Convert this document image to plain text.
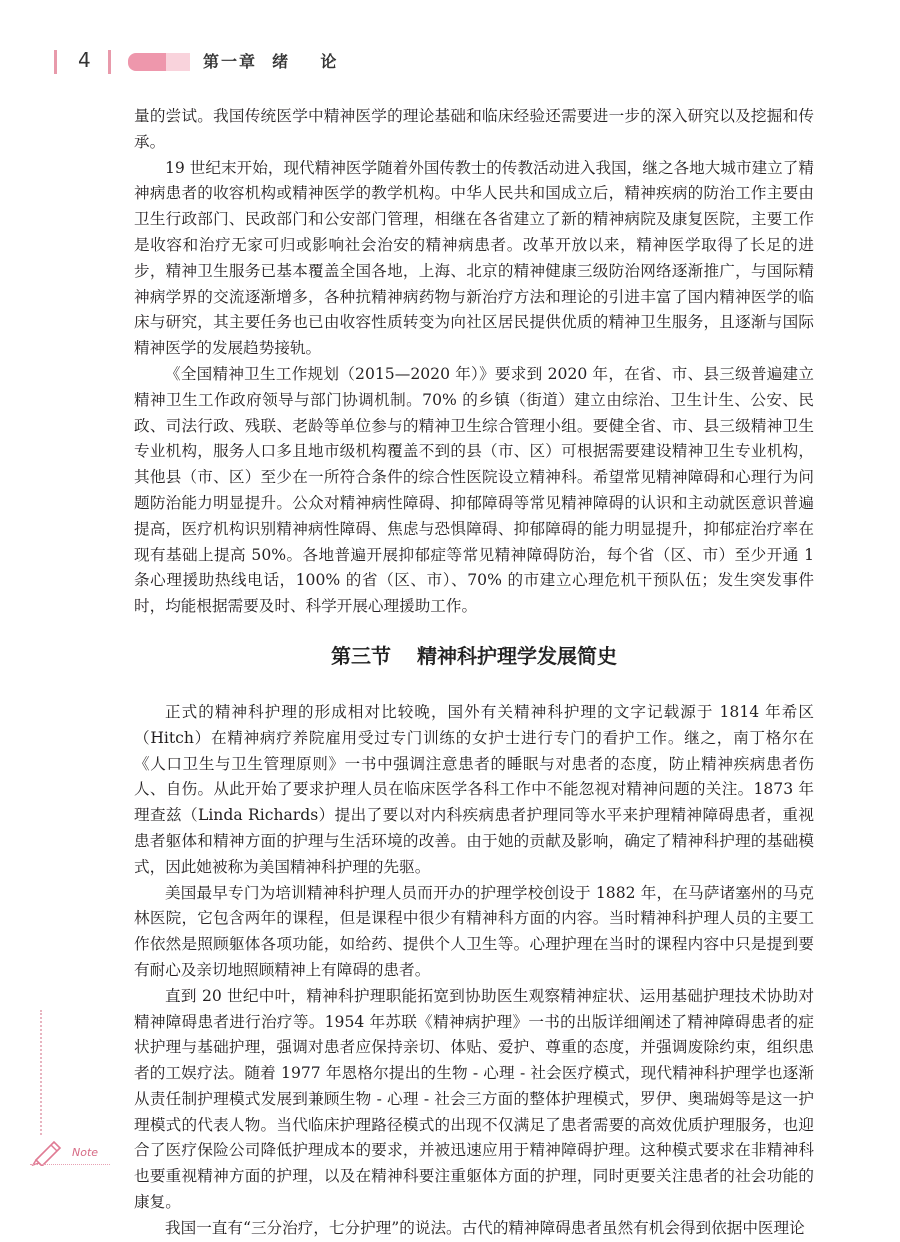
4	第一章  绪    论

量的尝试。我国传统医学中精神医学的理论基础和临床经验还需要进一步的深入研究以及挖掘和传承。

19 世纪末开始，现代精神医学随着外国传教士的传教活动进入我国，继之各地大城市建立了精神病患者的收容机构或精神医学的教学机构。中华人民共和国成立后，精神疾病的防治工作主要由卫生行政部门、民政部门和公安部门管理，相继在各省建立了新的精神病院及康复医院，主要工作是收容和治疗无家可归或影响社会治安的精神病患者。改革开放以来，精神医学取得了长足的进步，精神卫生服务已基本覆盖全国各地，上海、北京的精神健康三级防治网络逐渐推广，与国际精神病学界的交流逐渐增多，各种抗精神病药物与新治疗方法和理论的引进丰富了国内精神医学的临床与研究，其主要任务也已由收容性质转变为向社区居民提供优质的精神卫生服务，且逐渐与国际精神医学的发展趋势接轨。

《全国精神卫生工作规划（2015—2020 年）》要求到 2020 年，在省、市、县三级普遍建立精神卫生工作政府领导与部门协调机制。70% 的乡镇（街道）建立由综治、卫生计生、公安、民政、司法行政、残联、老龄等单位参与的精神卫生综合管理小组。要健全省、市、县三级精神卫生专业机构，服务人口多且地市级机构覆盖不到的县（市、区）可根据需要建设精神卫生专业机构，其他县（市、区）至少在一所符合条件的综合性医院设立精神科。希望常见精神障碍和心理行为问题防治能力明显提升。公众对精神病性障碍、抑郁障碍等常见精神障碍的认识和主动就医意识普遍提高，医疗机构识别精神病性障碍、焦虑与恐惧障碍、抑郁障碍的能力明显提升，抑郁症治疗率在现有基础上提高 50%。各地普遍开展抑郁症等常见精神障碍防治，每个省（区、市）至少开通 1 条心理援助热线电话，100% 的省（区、市）、70% 的市建立心理危机干预队伍；发生突发事件时，均能根据需要及时、科学开展心理援助工作。

第三节 精神科护理学发展简史

正式的精神科护理的形成相对比较晚，国外有关精神科护理的文字记载源于 1814 年希区（Hitch）在精神病疗养院雇用受过专门训练的女护士进行专门的看护工作。继之，南丁格尔在《人口卫生与卫生管理原则》一书中强调注意患者的睡眠与对患者的态度，防止精神疾病患者伤人、自伤。从此开始了要求护理人员在临床医学各科工作中不能忽视对精神问题的关注。1873 年理查兹（Linda Richards）提出了要以对内科疾病患者护理同等水平来护理精神障碍患者，重视患者躯体和精神方面的护理与生活环境的改善。由于她的贡献及影响，确定了精神科护理的基础模式，因此她被称为美国精神科护理的先驱。

美国最早专门为培训精神科护理人员而开办的护理学校创设于 1882 年，在马萨诸塞州的马克林医院，它包含两年的课程，但是课程中很少有精神科方面的内容。当时精神科护理人员的主要工作依然是照顾躯体各项功能，如给药、提供个人卫生等。心理护理在当时的课程内容中只是提到要有耐心及亲切地照顾精神上有障碍的患者。

直到 20 世纪中叶，精神科护理职能拓宽到协助医生观察精神症状、运用基础护理技术协助对精神障碍患者进行治疗等。1954 年苏联《精神病护理》一书的出版详细阐述了精神障碍患者的症状护理与基础护理，强调对患者应保持亲切、体贴、爱护、尊重的态度，并强调废除约束，组织患者的工娱疗法。随着 1977 年恩格尔提出的生物 - 心理 - 社会医疗模式，现代精神科护理学也逐渐从责任制护理模式发展到兼顾生物 - 心理 - 社会三方面的整体护理模式，罗伊、奥瑞姆等是这一护理模式的代表人物。当代临床护理路径模式的出现不仅满足了患者需要的高效优质护理服务，也迎合了医疗保险公司降低护理成本的要求，并被迅速应用于精神障碍护理。这种模式要求在非精神科也要重视精神方面的护理，以及在精神科要注重躯体方面的护理，同时更要关注患者的社会功能的康复。

我国一直有“三分治疗，七分护理”的说法。古代的精神障碍患者虽然有机会得到依据中医理论

Note
